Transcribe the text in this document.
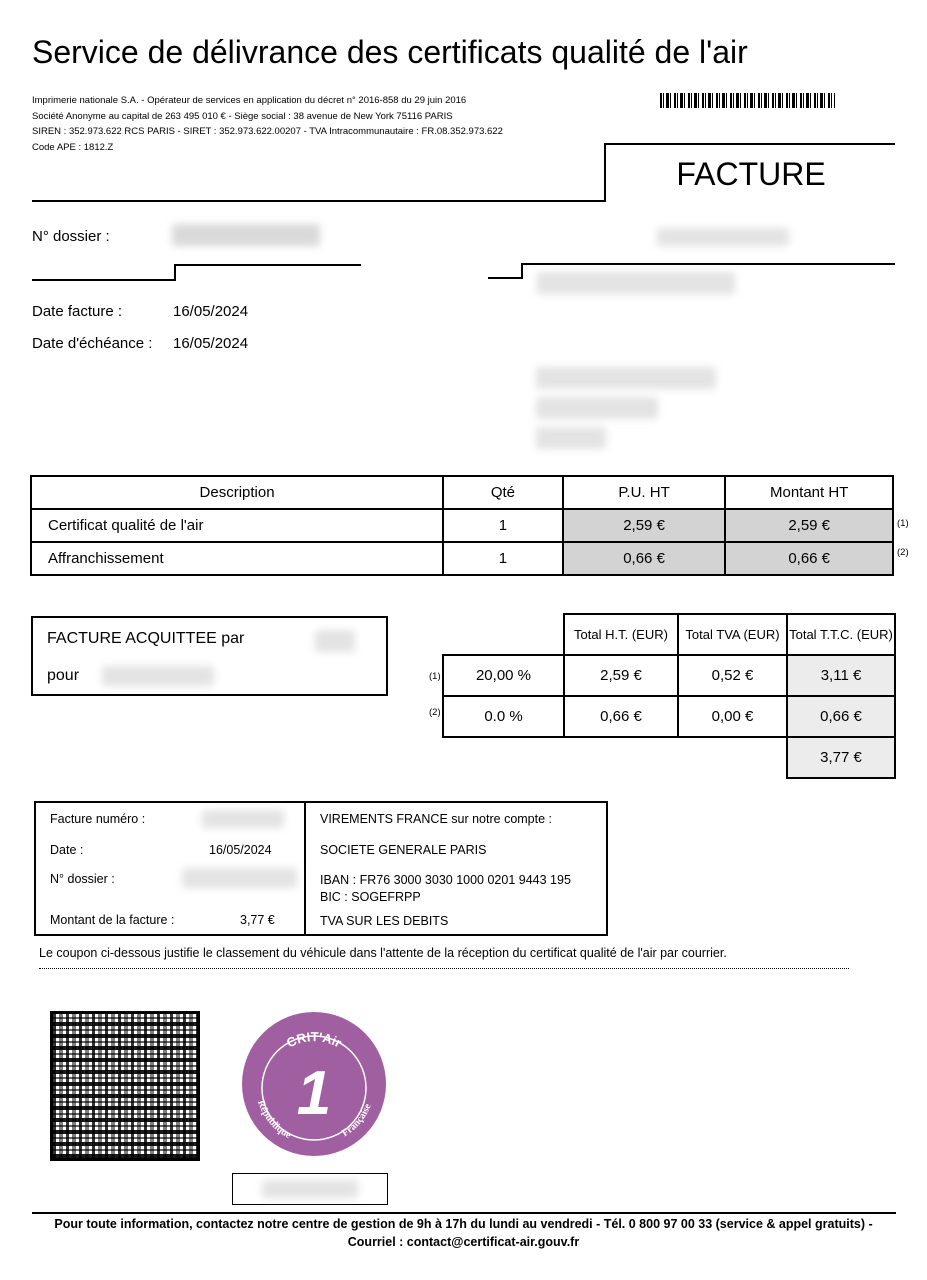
Service de délivrance des certificats qualité de l'air
Imprimerie nationale S.A. - Opérateur de services en application du décret n° 2016-858 du 29 juin 2016
Société Anonyme au capital de 263 495 010 € - Siège social : 38 avenue de New York 75116 PARIS
SIREN : 352.973.622 RCS PARIS - SIRET : 352.973.622.00207 - TVA Intracommunautaire : FR.08.352.973.622
Code APE : 1812.Z
FACTURE
N° dossier :
Date facture :	16/05/2024
Date d'échéance : 16/05/2024
Description	Qté	P.U. HT	Montant HT
Certificat qualité de l'air	1	2,59 €	2,59 €
Affranchissement	1	0,66 €	0,66 €
(1)
(2)
FACTURE ACQUITTEE par
pour
	Total H.T. (EUR)	Total TVA (EUR)	Total T.T.C. (EUR)
20,00 %	2,59 €	0,52 €	3,11 €
0.0 %	0,66 €	0,00 €	0,66 €
			3,77 €
(1)
(2)
Facture numéro :
Date :	16/05/2024
N° dossier :
Montant de la facture :	3,77 €
VIREMENTS FRANCE sur notre compte :
SOCIETE GENERALE PARIS
IBAN : FR76 3000 3030 1000 0201 9443 195
BIC : SOGEFRPP
TVA SUR LES DEBITS
Le coupon ci-dessous justifie le classement du véhicule dans l'attente de la réception du certificat qualité de l'air par courrier.
CRIT'Air
1
République	Française
Pour toute information, contactez notre centre de gestion de 9h à 17h du lundi au vendredi - Tél. 0 800 97 00 33 (service & appel gratuits) -
Courriel : contact@certificat-air.gouv.fr
